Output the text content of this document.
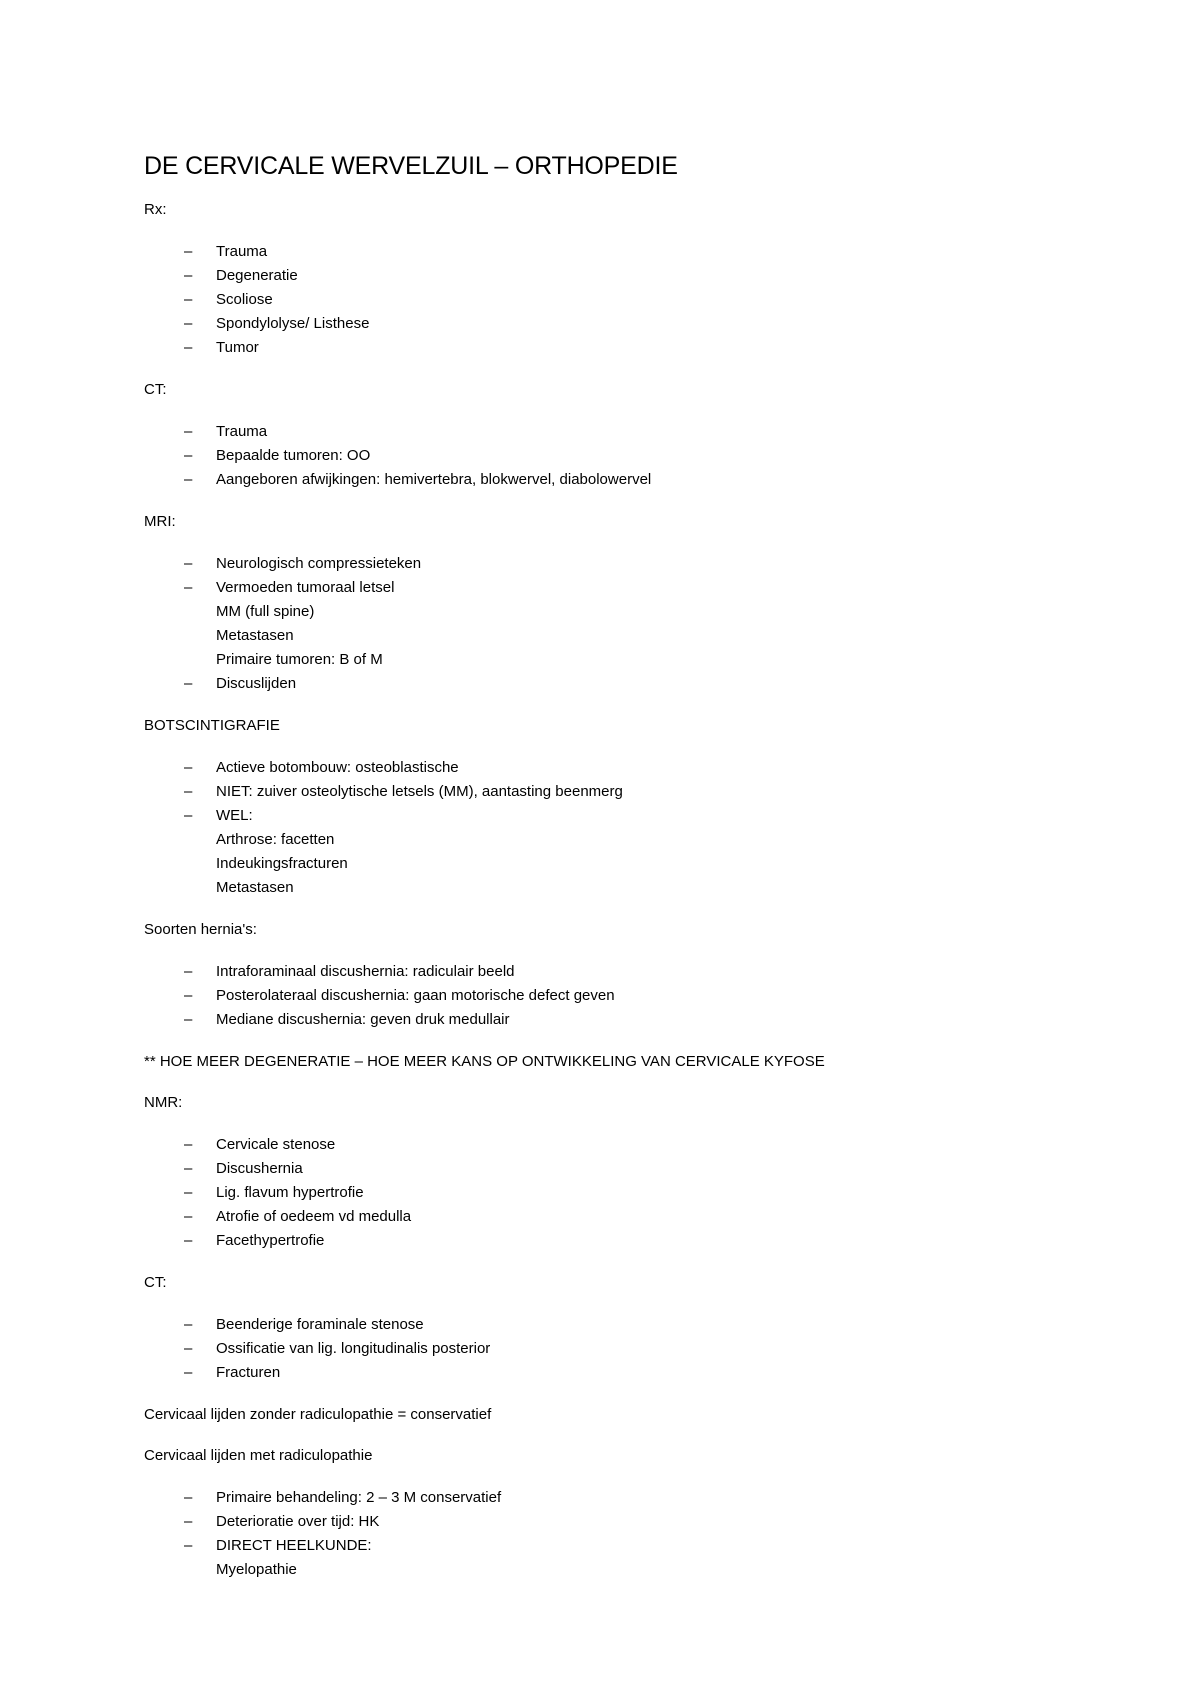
DE CERVICALE WERVELZUIL – ORTHOPEDIE
Rx:
–	Trauma
–	Degeneratie
–	Scoliose
–	Spondylolyse/ Listhese
–	Tumor
CT:
–	Trauma
–	Bepaalde tumoren: OO
–	Aangeboren afwijkingen: hemivertebra, blokwervel, diabolowervel
MRI:
–	Neurologisch compressieteken
–	Vermoeden tumoraal letsel
MM (full spine)
Metastasen
Primaire tumoren: B of M
–	Discuslijden
BOTSCINTIGRAFIE
–	Actieve botombouw: osteoblastische
–	NIET: zuiver osteolytische letsels (MM), aantasting beenmerg
–	WEL:
Arthrose: facetten
Indeukingsfracturen
Metastasen
Soorten hernia's:
–	Intraforaminaal discushernia: radiculair beeld
–	Posterolateraal discushernia: gaan motorische defect geven
–	Mediane discushernia: geven druk medullair
** HOE MEER DEGENERATIE – HOE MEER KANS OP ONTWIKKELING VAN CERVICALE KYFOSE
NMR:
–	Cervicale stenose
–	Discushernia
–	Lig. flavum hypertrofie
–	Atrofie of oedeem vd medulla
–	Facethypertrofie
CT:
–	Beenderige foraminale stenose
–	Ossificatie van lig. longitudinalis posterior
–	Fracturen
Cervicaal lijden zonder radiculopathie = conservatief
Cervicaal lijden met radiculopathie
–	Primaire behandeling: 2 – 3 M conservatief
–	Deterioratie over tijd: HK
–	DIRECT HEELKUNDE:
Myelopathie
